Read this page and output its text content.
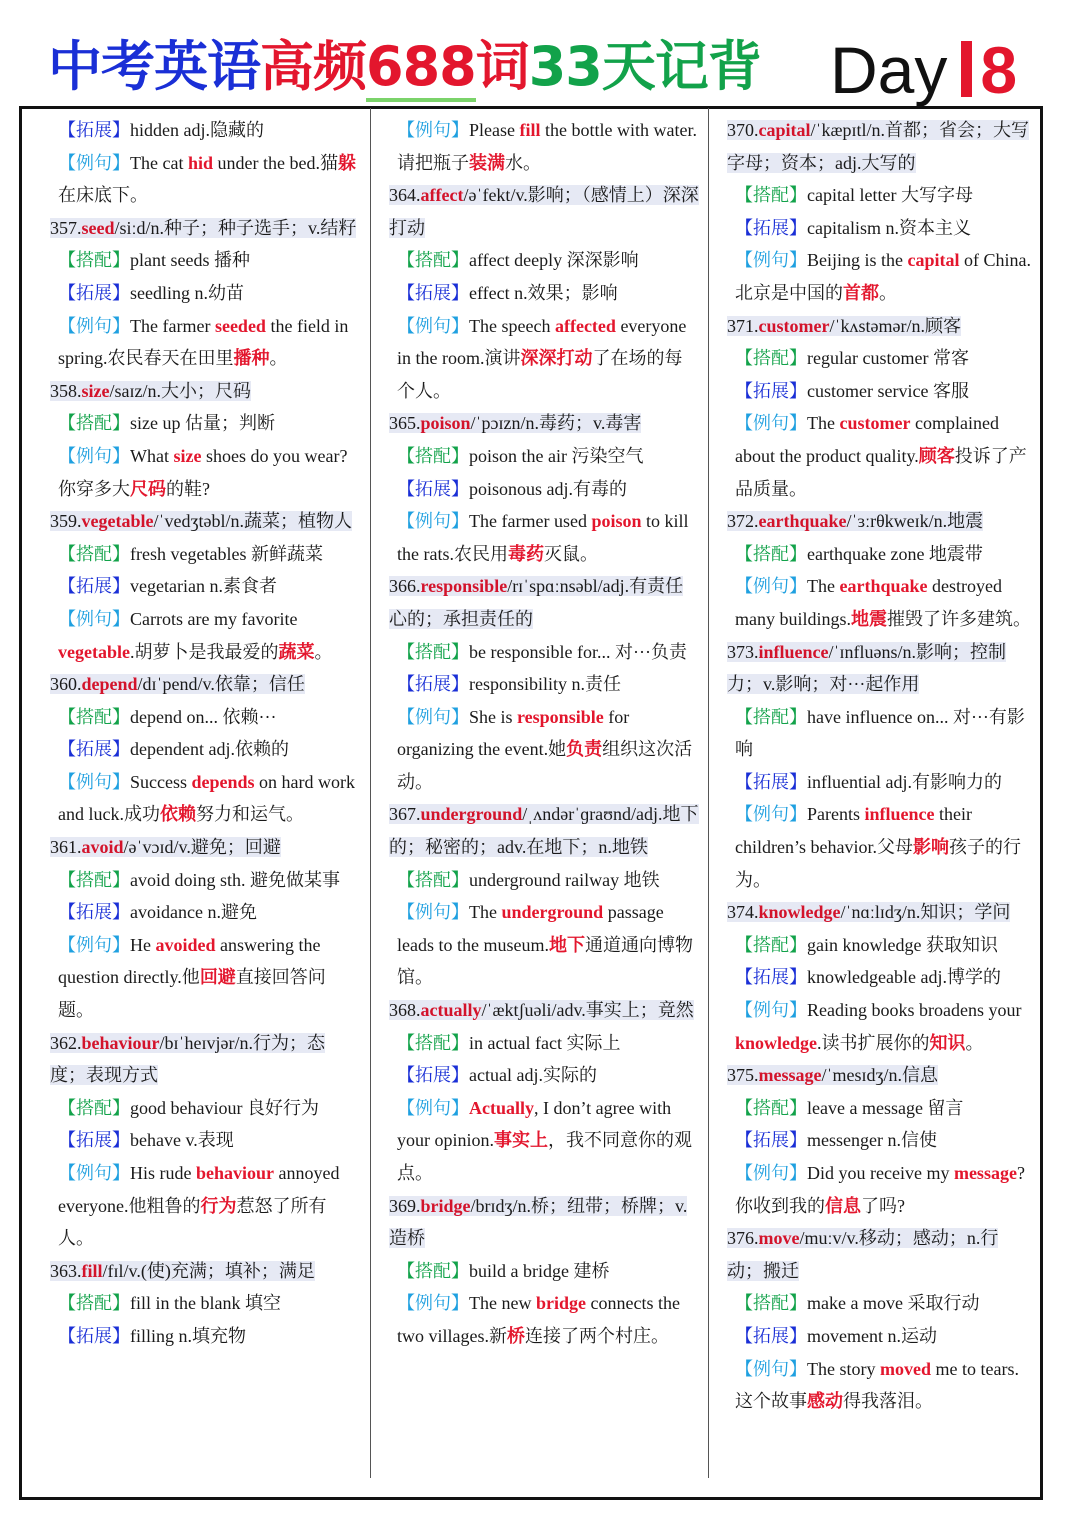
中考英语高频688词33天记背 Day 8

【拓展】hidden adj.隐藏的

【例句】The cat hid under the bed.猫躲在床底下。

357.seed/siːd/n.种子；种子选手；v.结籽

【搭配】plant seeds 播种

【拓展】seedling n.幼苗

【例句】The farmer seeded the field in spring.农民春天在田里播种。

358.size/saɪz/n.大小；尺码

【搭配】size up 估量；判断

【例句】What size shoes do you wear? 你穿多大尺码的鞋?

359.vegetable/ˈvedʒtəbl/n.蔬菜；植物人

【搭配】fresh vegetables 新鲜蔬菜

【拓展】vegetarian n.素食者

【例句】Carrots are my favorite vegetable.胡萝卜是我最爱的蔬菜。

360.depend/dɪˈpend/v.依靠；信任

【搭配】depend on... 依赖···

【拓展】dependent adj.依赖的

【例句】Success depends on hard work and luck.成功依赖努力和运气。

361.avoid/əˈvɔɪd/v.避免；回避

【搭配】avoid doing sth. 避免做某事

【拓展】avoidance n.避免

【例句】He avoided answering the question directly.他回避直接回答问题。

362.behaviour/bɪˈheɪvjər/n.行为；态度；表现方式

【搭配】good behaviour 良好行为

【拓展】behave v.表现

【例句】His rude behaviour annoyed everyone.他粗鲁的行为惹怒了所有人。

363.fill/fɪl/v.(使)充满；填补；满足

【搭配】fill in the blank 填空

【拓展】filling n.填充物

【例句】Please fill the bottle with water.请把瓶子装满水。

364.affect/əˈfekt/v.影响；（感情上）深深打动

【搭配】affect deeply 深深影响

【拓展】effect n.效果；影响

【例句】The speech affected everyone in the room.演讲深深打动了在场的每个人。

365.poison/ˈpɔɪzn/n.毒药；v.毒害

【搭配】poison the air 污染空气

【拓展】poisonous adj.有毒的

【例句】The farmer used poison to kill the rats.农民用毒药灭鼠。

366.responsible/rɪˈspɑːnsəbl/adj.有责任心的；承担责任的

【搭配】be responsible for... 对···负责

【拓展】responsibility n.责任

【例句】She is responsible for organizing the event.她负责组织这次活动。

367.underground/ˌʌndərˈɡraʊnd/adj.地下的；秘密的；adv.在地下；n.地铁

【搭配】underground railway 地铁

【例句】The underground passage leads to the museum.地下通道通向博物馆。

368.actually/ˈæktʃuəli/adv.事实上；竟然

【搭配】in actual fact 实际上

【拓展】actual adj.实际的

【例句】Actually, I don’t agree with your opinion.事实上，我不同意你的观点。

369.bridge/brɪdʒ/n.桥；纽带；桥牌；v.造桥

【搭配】build a bridge 建桥

【例句】The new bridge connects the two villages.新桥连接了两个村庄。

370.capital/ˈkæpɪtl/n.首都；省会；大写字母；资本；adj.大写的

【搭配】capital letter 大写字母

【拓展】capitalism n.资本主义

【例句】Beijing is the capital of China.北京是中国的首都。

371.customer/ˈkʌstəmər/n.顾客

【搭配】regular customer 常客

【拓展】customer service 客服

【例句】The customer complained about the product quality.顾客投诉了产品质量。

372.earthquake/ˈɜːrθkweɪk/n.地震

【搭配】earthquake zone 地震带

【例句】The earthquake destroyed many buildings.地震摧毁了许多建筑。

373.influence/ˈɪnfluəns/n.影响；控制力；v.影响；对···起作用

【搭配】have influence on... 对···有影响

【拓展】influential adj.有影响力的

【例句】Parents influence their children’s behavior.父母影响孩子的行为。

374.knowledge/ˈnɑːlɪdʒ/n.知识；学问

【搭配】gain knowledge 获取知识

【拓展】knowledgeable adj.博学的

【例句】Reading books broadens your knowledge.读书扩展你的知识。

375.message/ˈmesɪdʒ/n.信息

【搭配】leave a message 留言

【拓展】messenger n.信使

【例句】Did you receive my message? 你收到我的信息了吗?

376.move/muːv/v.移动；感动；n.行动；搬迁

【搭配】make a move 采取行动

【拓展】movement n.运动

【例句】The story moved me to tears.这个故事感动得我落泪。
